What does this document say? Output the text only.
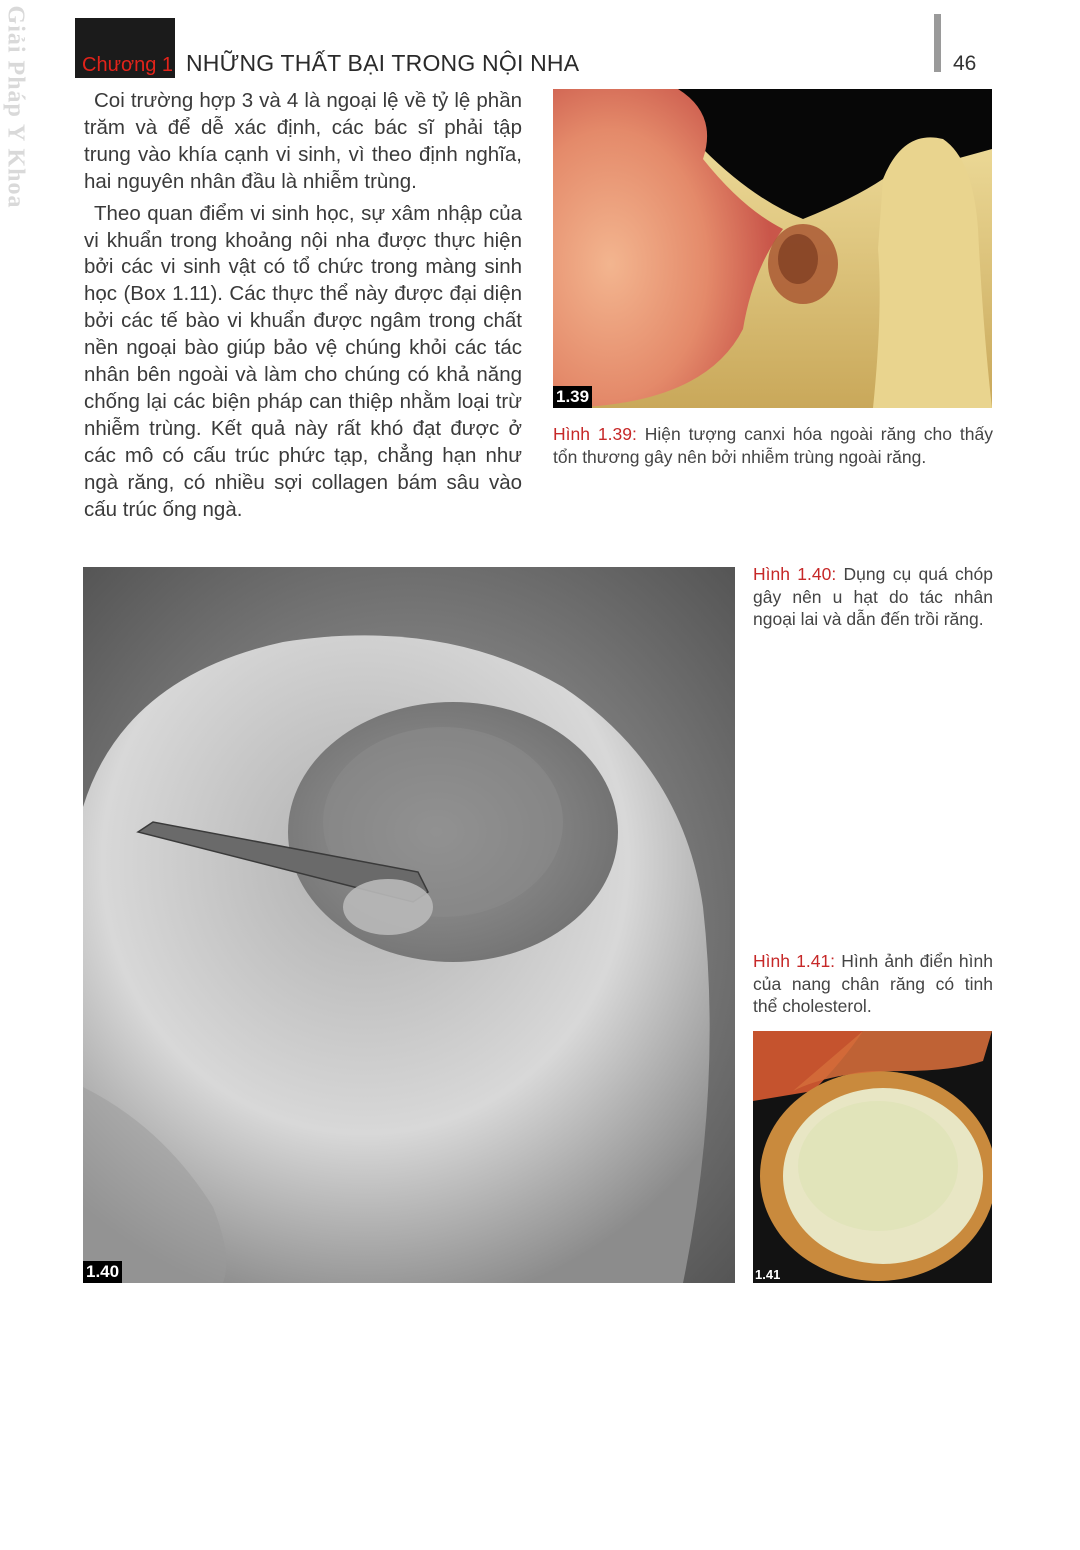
Giải Pháp Y Khoa	Chương 1 NHỮNG THẤT BẠI TRONG NỘI NHA	46

Coi trường hợp 3 và 4 là ngoại lệ về tỷ lệ phần trăm và để dễ xác định, các bác sĩ phải tập trung vào khía cạnh vi sinh, vì theo định nghĩa, hai nguyên nhân đầu là nhiễm trùng.

Theo quan điểm vi sinh học, sự xâm nhập của vi khuẩn trong khoảng nội nha được thực hiện bởi các vi sinh vật có tổ chức trong màng sinh học (Box 1.11). Các thực thể này được đại diện bởi các tế bào vi khuẩn được ngâm trong chất nền ngoại bào giúp bảo vệ chúng khỏi các tác nhân bên ngoài và làm cho chúng có khả năng chống lại các biện pháp can thiệp nhằm loại trừ nhiễm trùng. Kết quả này rất khó đạt được ở các mô có cấu trúc phức tạp, chẳng hạn như ngà răng, có nhiều sợi collagen bám sâu vào cấu trúc ống ngà.

1.39
Hình 1.39: Hiện tượng canxi hóa ngoài răng cho thấy tổn thương gây nên bởi nhiễm trùng ngoài răng.
1.40
Hình 1.40: Dụng cụ quá chóp gây nên u hạt do tác nhân ngoại lai và dẫn đến trồi răng.
Hình 1.41: Hình ảnh điển hình của nang chân răng có tinh thể cholesterol.
1.41
